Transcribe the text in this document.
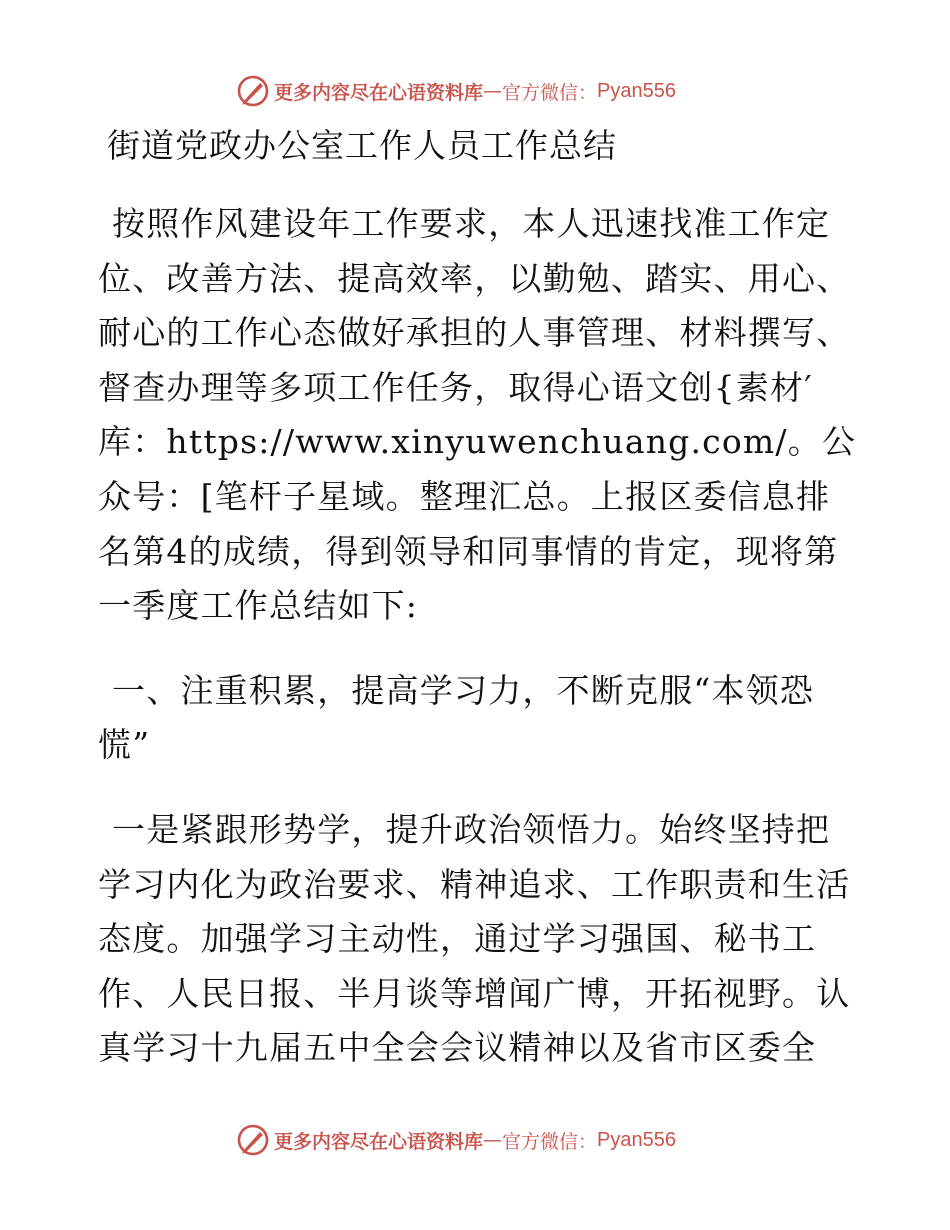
更多内容尽在心语资料库 — 官方微信： Pyan556
街道党政办公室工作人员工作总结

按照作风建设年工作要求，本人迅速找准工作定位、改善方法、提高效率，以勤勉、踏实、用心、耐心的工作心态做好承担的人事管理、材料撰写、督查办理等多项工作任务，取得心语文创{素材′库：https://www.xinyuwenchuang.com/。公众号：[笔杆子星域。整理汇总。上报区委信息排名第4的成绩，得到领导和同事情的肯定，现将第一季度工作总结如下:

一、注重积累，提高学习力，不断克服“本领恐慌”

一是紧跟形势学，提升政治领悟力。始终坚持把学习内化为政治要求、精神追求、工作职责和生活态度。加强学习主动性，通过学习强国、秘书工作、人民日报、半月谈等增闻广博，开拓视野。认真学习十九届五中全会会议精神以及省市区委全

更多内容尽在心语资料库 — 官方微信： Pyan556
